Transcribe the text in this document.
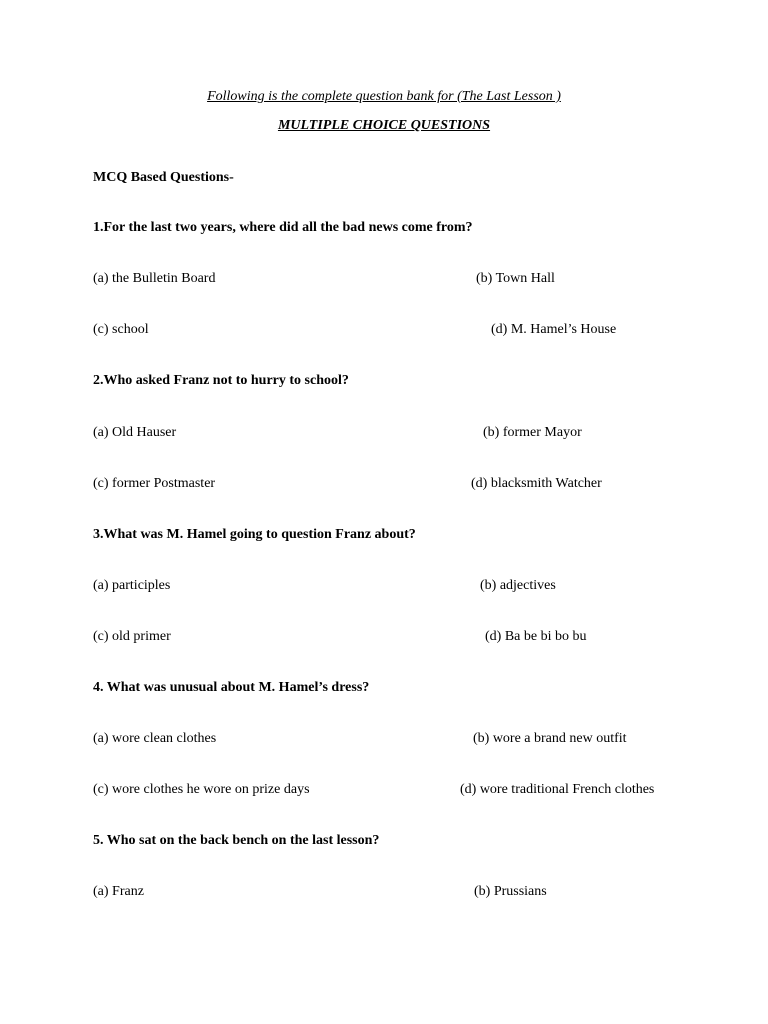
Following is the complete question bank for (The Last Lesson )
MULTIPLE CHOICE QUESTIONS
MCQ Based Questions-
1.For the last two years, where did all the bad news come from?
(a) the Bulletin Board	(b) Town Hall
(c) school	(d) M. Hamel’s House
2.Who asked Franz not to hurry to school?
(a) Old Hauser	(b) former Mayor
(c) former Postmaster	(d) blacksmith Watcher
3.What was M. Hamel going to question Franz about?
(a) participles	(b) adjectives
(c) old primer	(d) Ba be bi bo bu
4. What was unusual about M. Hamel’s dress?
(a) wore clean clothes	(b) wore a brand new outfit
(c) wore clothes he wore on prize days	(d) wore traditional French clothes
5. Who sat on the back bench on the last lesson?
(a) Franz	(b) Prussians
